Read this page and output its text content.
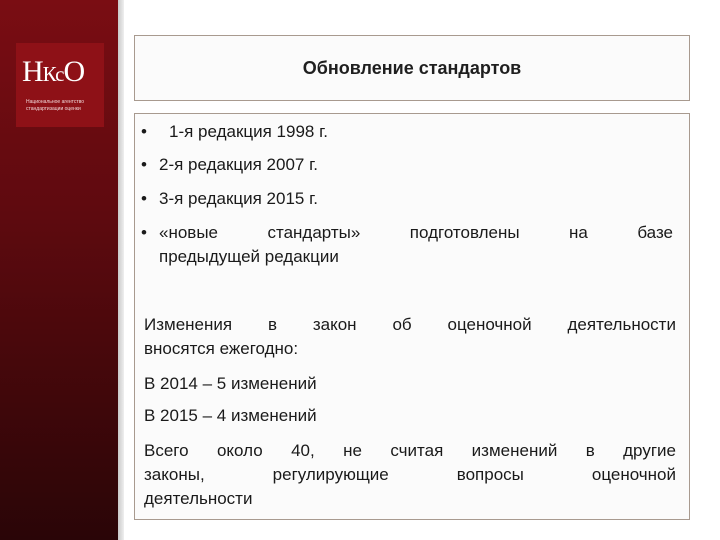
НКсО
Национальное агентство
стандартизации оценки
Обновление стандартов
•	1-я редакция 1998 г.
• 2-я редакция 2007 г.
• 3-я редакция 2015 г.
• «новые	стандарты»	подготовлены	на	базе
предыдущей редакции
Изменения в закон об оценочной деятельности
вносятся ежегодно:
В 2014 – 5 изменений
В 2015 – 4 изменений
Всего около 40, не считая изменений в другие
законы,	регулирующие	вопросы	оценочной
деятельности
